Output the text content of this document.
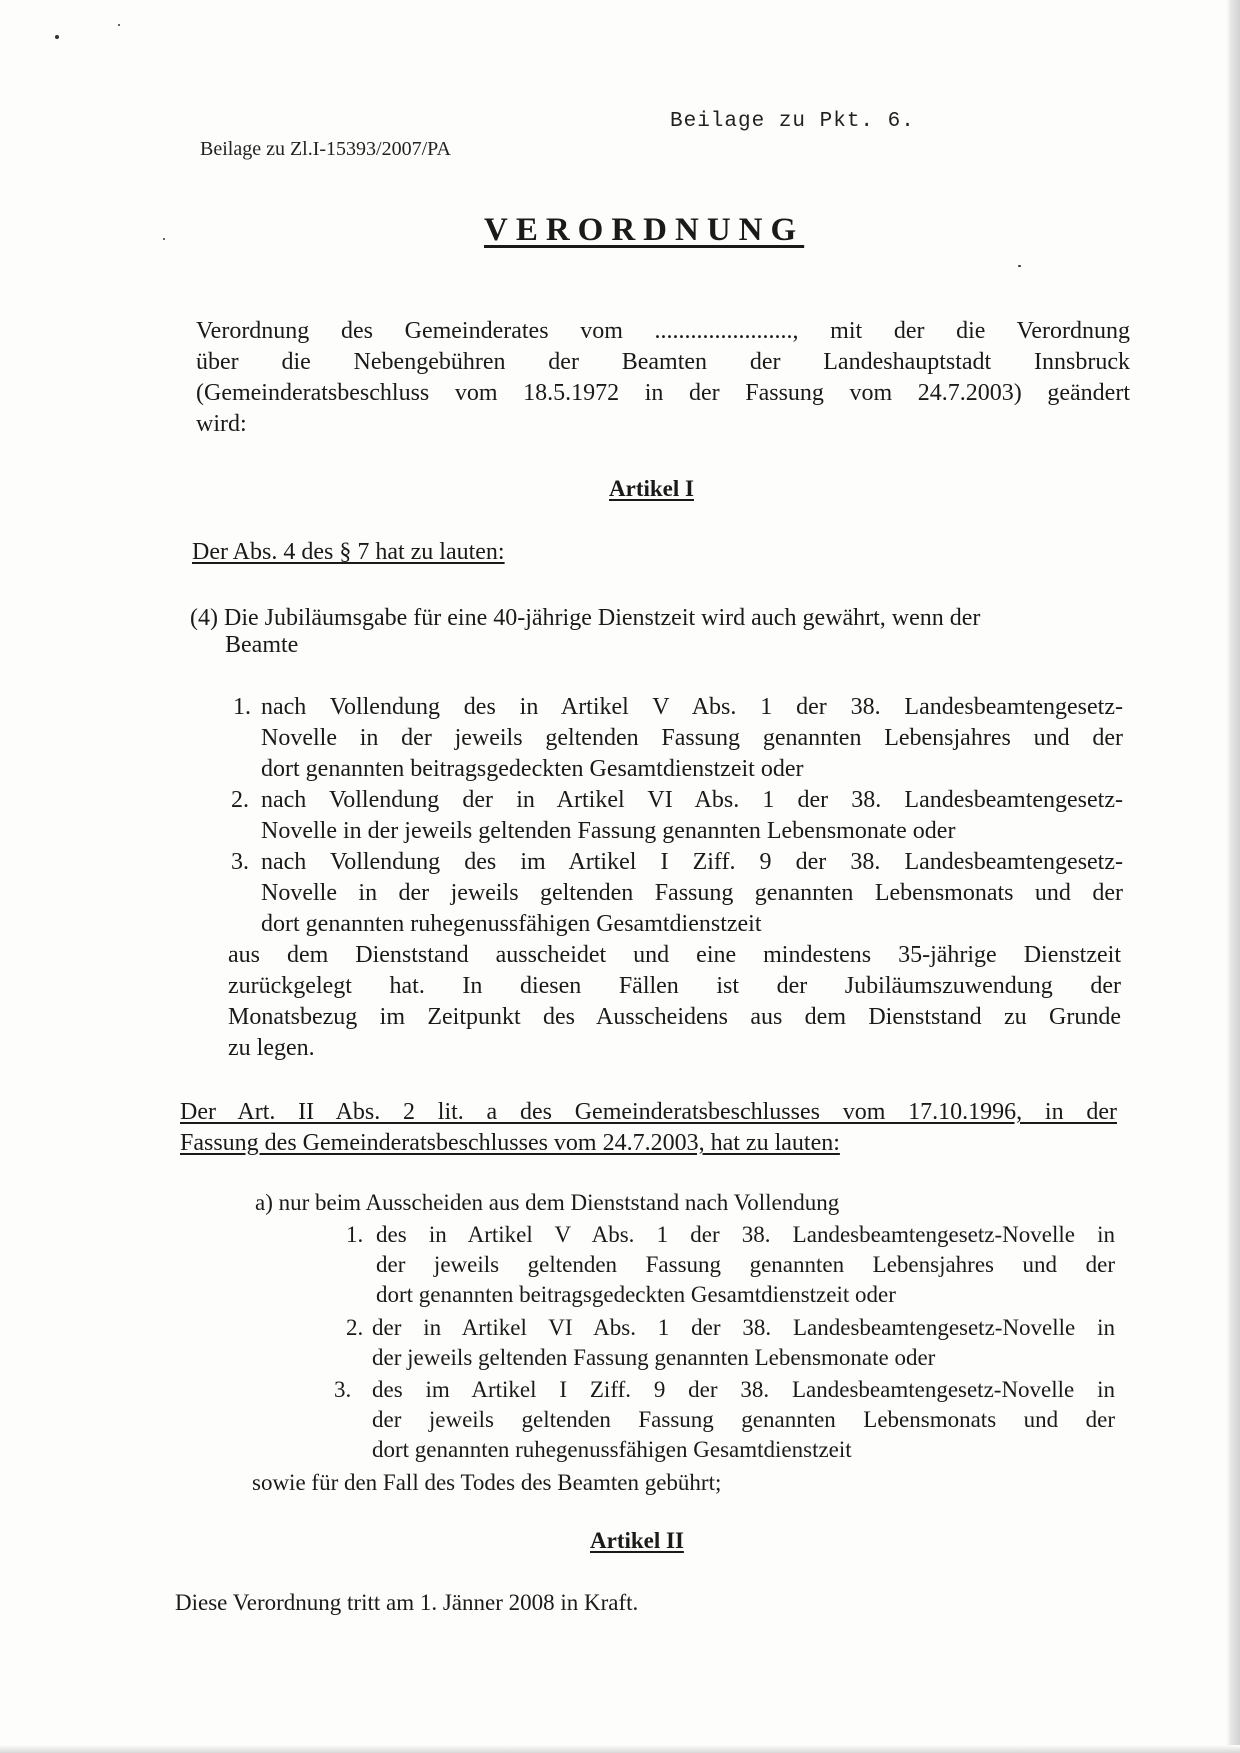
Beilage zu Pkt. 6.
Beilage zu Zl.I-15393/2007/PA
VERORDNUNG
Verordnung des Gemeinderates vom ......................., mit der die Verordnung
über die Nebengebühren der Beamten der Landeshauptstadt Innsbruck
(Gemeinderatsbeschluss vom 18.5.1972 in der Fassung vom 24.7.2003) geändert
wird:
Artikel I
Der Abs. 4 des § 7 hat zu lauten:
(4) Die Jubiläumsgabe für eine 40-jährige Dienstzeit wird auch gewährt, wenn der
Beamte
1. nach Vollendung des in Artikel V Abs. 1 der 38. Landesbeamtengesetz-
Novelle in der jeweils geltenden Fassung genannten Lebensjahres und der
dort genannten beitragsgedeckten Gesamtdienstzeit oder
2. nach Vollendung der in Artikel VI Abs. 1 der 38. Landesbeamtengesetz-
Novelle in der jeweils geltenden Fassung genannten Lebensmonate oder
3. nach Vollendung des im Artikel I Ziff. 9 der 38. Landesbeamtengesetz-
Novelle in der jeweils geltenden Fassung genannten Lebensmonats und der
dort genannten ruhegenussfähigen Gesamtdienstzeit
aus dem Dienststand ausscheidet und eine mindestens 35-jährige Dienstzeit
zurückgelegt hat. In diesen Fällen ist der Jubiläumszuwendung der
Monatsbezug im Zeitpunkt des Ausscheidens aus dem Dienststand zu Grunde
zu legen.
Der Art. II Abs. 2 lit. a des Gemeinderatsbeschlusses vom 17.10.1996, in der
Fassung des Gemeinderatsbeschlusses vom 24.7.2003, hat zu lauten:
a) nur beim Ausscheiden aus dem Dienststand nach Vollendung
1. des in Artikel V Abs. 1 der 38. Landesbeamtengesetz-Novelle in
der jeweils geltenden Fassung genannten Lebensjahres und der
dort genannten beitragsgedeckten Gesamtdienstzeit oder
2. der in Artikel VI Abs. 1 der 38. Landesbeamtengesetz-Novelle in
der jeweils geltenden Fassung genannten Lebensmonate oder
3. des im Artikel I Ziff. 9 der 38. Landesbeamtengesetz-Novelle in
der jeweils geltenden Fassung genannten Lebensmonats und der
dort genannten ruhegenussfähigen Gesamtdienstzeit
sowie für den Fall des Todes des Beamten gebührt;
Artikel II
Diese Verordnung tritt am 1. Jänner 2008 in Kraft.
